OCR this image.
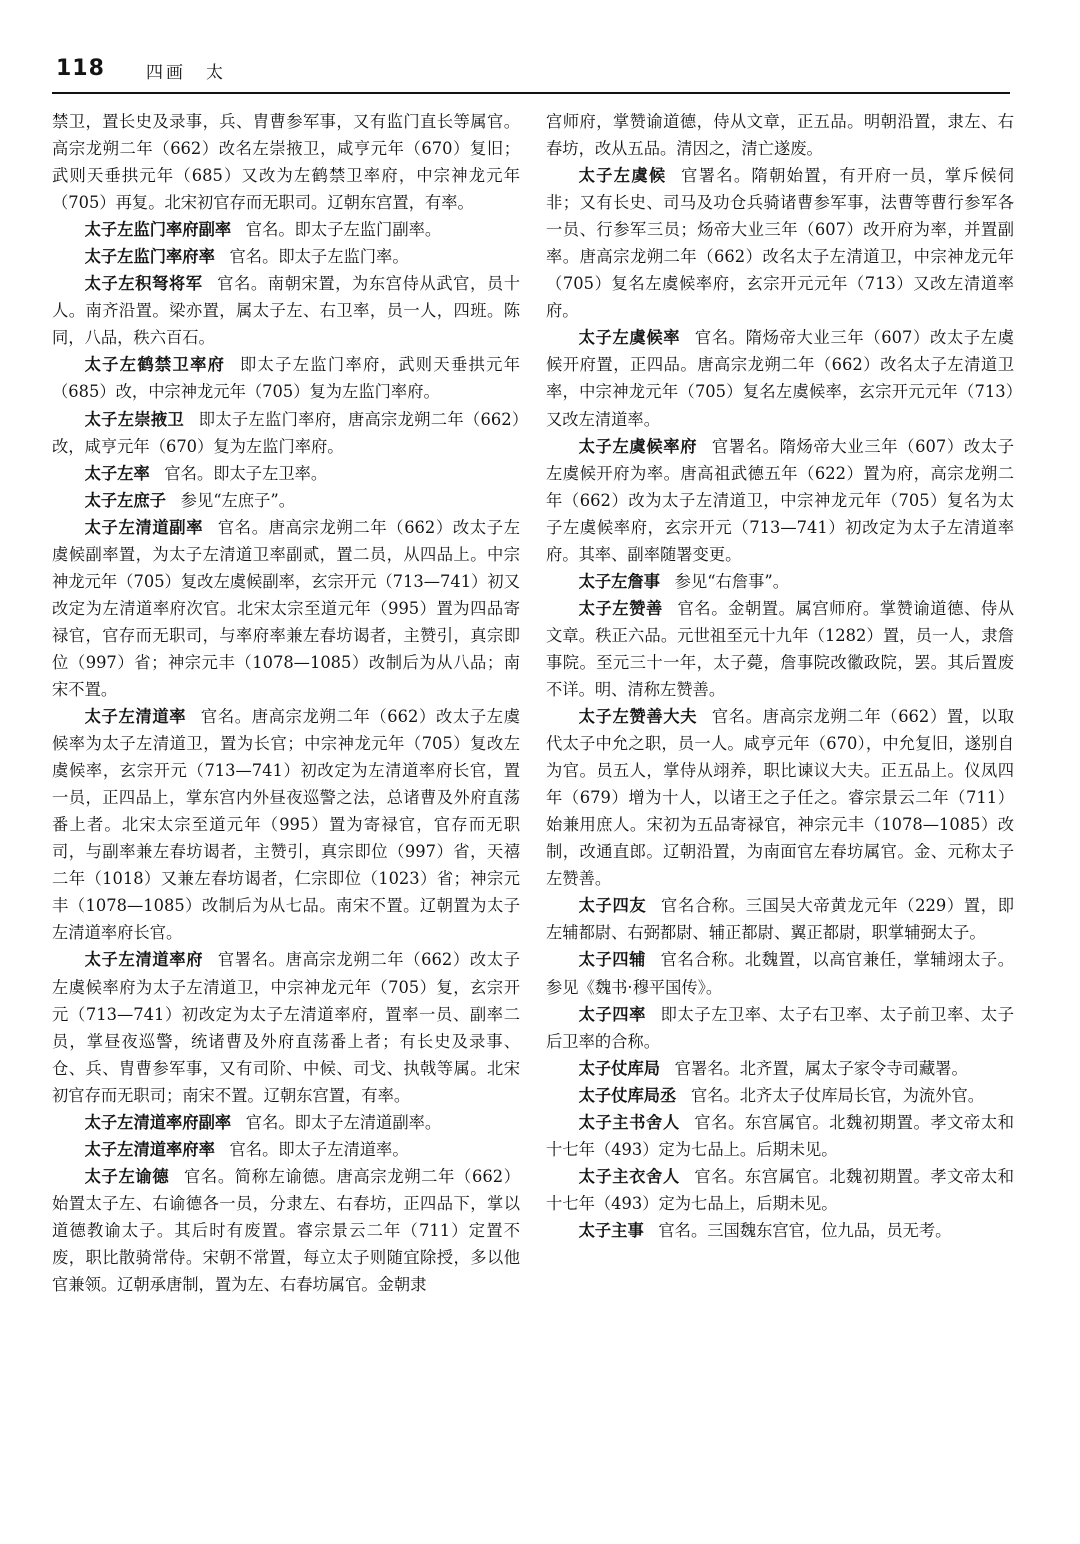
118 四画　太

禁卫，置长史及录事，兵、胄曹参军事，又有监门直长等属官。高宗龙朔二年（662）改名左崇掖卫，咸亨元年（670）复旧；武则天垂拱元年（685）又改为左鹤禁卫率府，中宗神龙元年（705）再复。北宋初官存而无职司。辽朝东宫置，有率。

太子左监门率府副率 官名。即太子左监门副率。

太子左监门率府率 官名。即太子左监门率。

太子左积弩将军 官名。南朝宋置，为东宫侍从武官，员十人。南齐沿置。梁亦置，属太子左、右卫率，员一人，四班。陈同，八品，秩六百石。

太子左鹤禁卫率府 即太子左监门率府，武则天垂拱元年（685）改，中宗神龙元年（705）复为左监门率府。

太子左崇掖卫 即太子左监门率府，唐高宗龙朔二年（662）改，咸亨元年（670）复为左监门率府。

太子左率 官名。即太子左卫率。

太子左庶子 参见“左庶子”。

太子左清道副率 官名。唐高宗龙朔二年（662）改太子左虞候副率置，为太子左清道卫率副贰，置二员，从四品上。中宗神龙元年（705）复改左虞候副率，玄宗开元（713—741）初又改定为左清道率府次官。北宋太宗至道元年（995）置为四品寄禄官，官存而无职司，与率府率兼左春坊谒者，主赞引，真宗即位（997）省；神宗元丰（1078—1085）改制后为从八品；南宋不置。

太子左清道率 官名。唐高宗龙朔二年（662）改太子左虞候率为太子左清道卫，置为长官；中宗神龙元年（705）复改左虞候率，玄宗开元（713—741）初改定为左清道率府长官，置一员，正四品上，掌东宫内外昼夜巡警之法，总诸曹及外府直荡番上者。北宋太宗至道元年（995）置为寄禄官，官存而无职司，与副率兼左春坊谒者，主赞引，真宗即位（997）省，天禧二年（1018）又兼左春坊谒者，仁宗即位（1023）省；神宗元丰（1078—1085）改制后为从七品。南宋不置。辽朝置为太子左清道率府长官。

太子左清道率府 官署名。唐高宗龙朔二年（662）改太子左虞候率府为太子左清道卫，中宗神龙元年（705）复，玄宗开元（713—741）初改定为太子左清道率府，置率一员、副率二员，掌昼夜巡警，统诸曹及外府直荡番上者；有长史及录事、仓、兵、胄曹参军事，又有司阶、中候、司戈、执戟等属。北宋初官存而无职司；南宋不置。辽朝东宫置，有率。

太子左清道率府副率 官名。即太子左清道副率。

太子左清道率府率 官名。即太子左清道率。

太子左谕德 官名。简称左谕德。唐高宗龙朔二年（662）始置太子左、右谕德各一员，分隶左、右春坊，正四品下，掌以道德教谕太子。其后时有废置。睿宗景云二年（711）定置不废，职比散骑常侍。宋朝不常置，每立太子则随宜除授，多以他官兼领。辽朝承唐制，置为左、右春坊属官。金朝隶

宫师府，掌赞谕道德，侍从文章，正五品。明朝沿置，隶左、右春坊，改从五品。清因之，清亡遂废。

太子左虞候 官署名。隋朝始置，有开府一员，掌斥候伺非；又有长史、司马及功仓兵骑诸曹参军事，法曹等曹行参军各一员、行参军三员；炀帝大业三年（607）改开府为率，并置副率。唐高宗龙朔二年（662）改名太子左清道卫，中宗神龙元年（705）复名左虞候率府，玄宗开元元年（713）又改左清道率府。

太子左虞候率 官名。隋炀帝大业三年（607）改太子左虞候开府置，正四品。唐高宗龙朔二年（662）改名太子左清道卫率，中宗神龙元年（705）复名左虞候率，玄宗开元元年（713）又改左清道率。

太子左虞候率府 官署名。隋炀帝大业三年（607）改太子左虞候开府为率。唐高祖武德五年（622）置为府，高宗龙朔二年（662）改为太子左清道卫，中宗神龙元年（705）复名为太子左虞候率府，玄宗开元（713—741）初改定为太子左清道率府。其率、副率随署变更。

太子左詹事 参见“右詹事”。

太子左赞善 官名。金朝置。属宫师府。掌赞谕道德、侍从文章。秩正六品。元世祖至元十九年（1282）置，员一人，隶詹事院。至元三十一年，太子薨，詹事院改徽政院，罢。其后置废不详。明、清称左赞善。

太子左赞善大夫 官名。唐高宗龙朔二年（662）置，以取代太子中允之职，员一人。咸亨元年（670），中允复旧，遂别自为官。员五人，掌侍从翊养，职比谏议大夫。正五品上。仪凤四年（679）增为十人，以诸王之子任之。睿宗景云二年（711）始兼用庶人。宋初为五品寄禄官，神宗元丰（1078—1085）改制，改通直郎。辽朝沿置，为南面官左春坊属官。金、元称太子左赞善。

太子四友 官名合称。三国吴大帝黄龙元年（229）置，即左辅都尉、右弼都尉、辅正都尉、翼正都尉，职掌辅弼太子。

太子四辅 官名合称。北魏置，以高官兼任，掌辅翊太子。参见《魏书·穆平国传》。

太子四率 即太子左卫率、太子右卫率、太子前卫率、太子后卫率的合称。

太子仗库局 官署名。北齐置，属太子家令寺司藏署。

太子仗库局丞 官名。北齐太子仗库局长官，为流外官。

太子主书舍人 官名。东宫属官。北魏初期置。孝文帝太和十七年（493）定为七品上。后期未见。

太子主衣舍人 官名。东宫属官。北魏初期置。孝文帝太和十七年（493）定为七品上，后期未见。

太子主事 官名。三国魏东宫官，位九品，员无考。
